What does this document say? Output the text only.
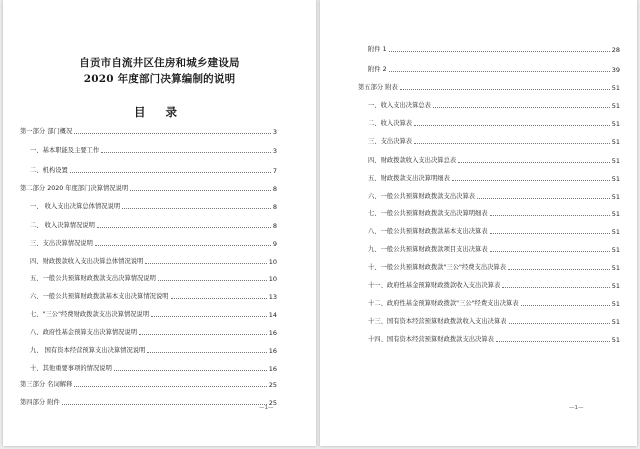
自贡市自流井区住房和城乡建设局
2020 年度部门决算编制的说明
目 录
第一部分 部门概况	3
一、基本职能及主要工作	3
二、机构设置	7
第二部分 2020 年度部门决算情况说明	8
一、 收入支出决算总体情况说明	8
二、 收入决算情况说明	8
三、支出决算情况说明	9
四、财政拨款收入支出决算总体情况说明	10
五、一般公共预算财政拨款支出决算情况说明	10
六、一般公共预算财政拨款基本支出决算情况说明	13
七、"三公"经费财政拨款支出决算情况说明	14
八、政府性基金预算支出决算情况说明	16
九、 国有资本经营预算支出决算情况说明	16
十、其他重要事项的情况说明	16
第三部分 名词解释	25
第四部分 附件	25
—1—
附件 1	28
附件 2	39
第五部分 附表	51
一、收入支出决算总表	51
二、收入决算表	51
三、支出决算表	51
四、财政拨款收入支出决算总表	51
五、财政拨款支出决算明细表	51
六、一般公共预算财政拨款支出决算表	51
七、一般公共预算财政拨款支出决算明细表	51
八、一般公共预算财政拨款基本支出决算表	51
九、一般公共预算财政拨款项目支出决算表	51
十、一般公共预算财政拨款"三公"经费支出决算表	51
十一、政府性基金预算财政拨款收入支出决算表	51
十二、政府性基金预算财政拨款"三公"经费支出决算表	51
十三、国有资本经营预算财政拨款收入支出决算表	51
十四、国有资本经营预算财政拨款支出决算表	51
—1—
